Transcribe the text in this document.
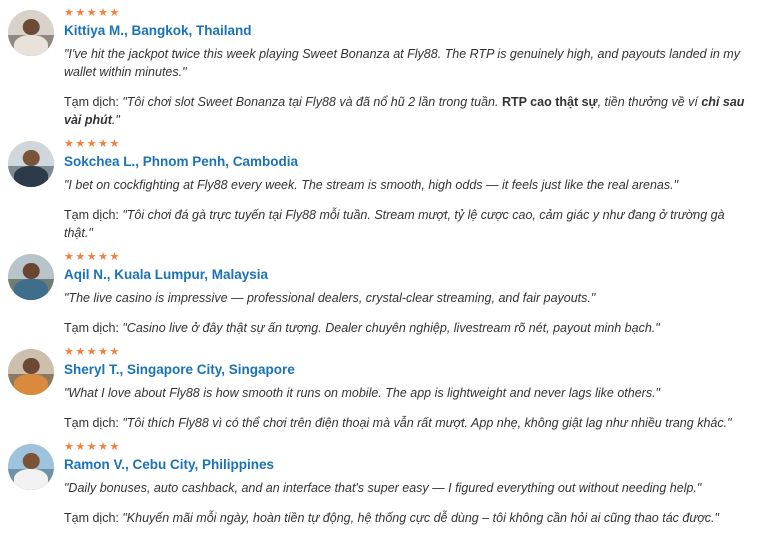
★★★★★
Kittiya M., Bangkok, Thailand
"I've hit the jackpot twice this week playing Sweet Bonanza at Fly88. The RTP is genuinely high, and payouts landed in my wallet within minutes."
Tạm dịch: "Tôi chơi slot Sweet Bonanza tại Fly88 và đã nổ hũ 2 lần trong tuần. RTP cao thật sự, tiền thưởng về ví chỉ sau vài phút."
★★★★★
Sokchea L., Phnom Penh, Cambodia
"I bet on cockfighting at Fly88 every week. The stream is smooth, high odds — it feels just like the real arenas."
Tạm dịch: "Tôi chơi đá gà trực tuyến tại Fly88 mỗi tuần. Stream mượt, tỷ lệ cược cao, cảm giác y như đang ở trường gà thật."
★★★★★
Aqil N., Kuala Lumpur, Malaysia
"The live casino is impressive — professional dealers, crystal-clear streaming, and fair payouts."
Tạm dịch: "Casino live ở đây thật sự ấn tượng. Dealer chuyên nghiệp, livestream rõ nét, payout minh bạch."
★★★★★
Sheryl T., Singapore City, Singapore
"What I love about Fly88 is how smooth it runs on mobile. The app is lightweight and never lags like others."
Tạm dịch: "Tôi thích Fly88 vì có thể chơi trên điện thoại mà vẫn rất mượt. App nhẹ, không giật lag như nhiều trang khác."
★★★★★
Ramon V., Cebu City, Philippines
"Daily bonuses, auto cashback, and an interface that's super easy — I figured everything out without needing help."
Tạm dịch: "Khuyến mãi mỗi ngày, hoàn tiền tự động, hệ thống cực dễ dùng – tôi không cần hỏi ai cũng thao tác được."
